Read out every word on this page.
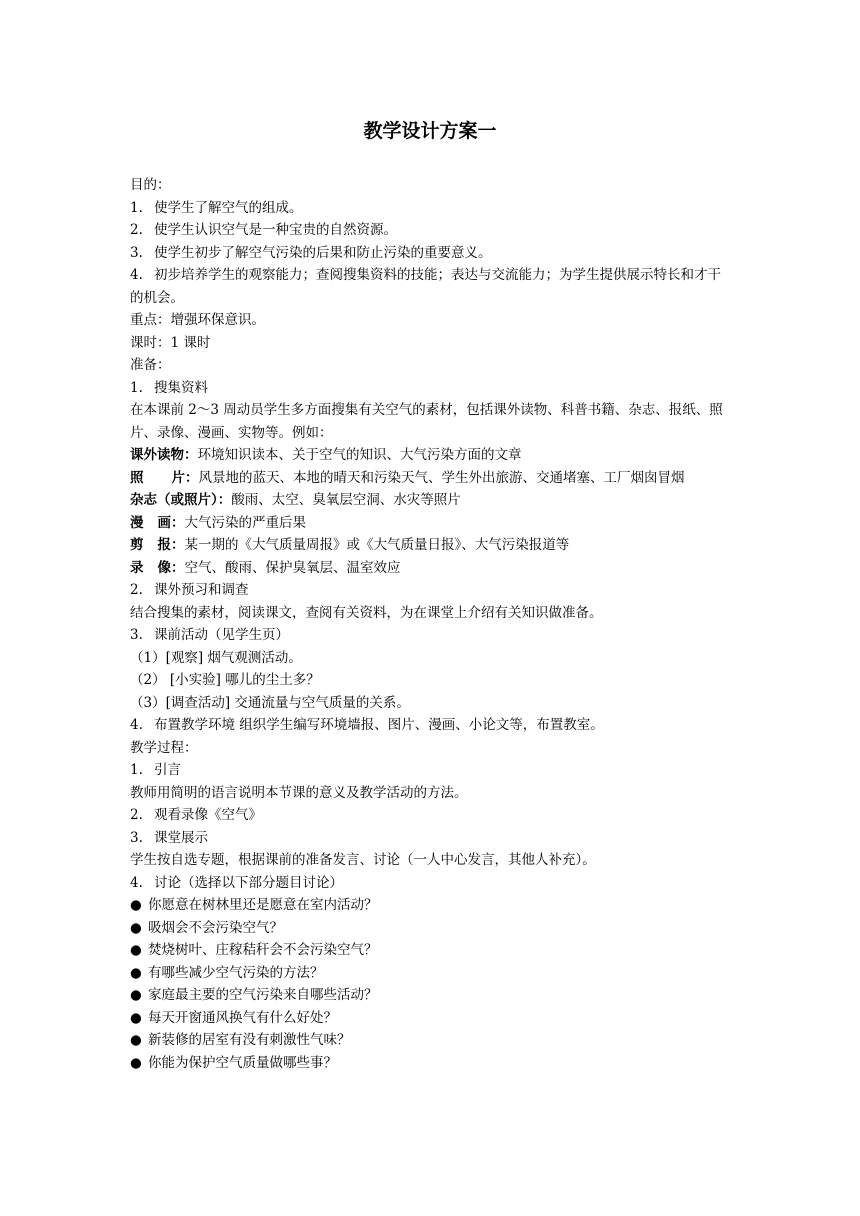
教学设计方案一

目的：

1. 使学生了解空气的组成。

2. 使学生认识空气是一种宝贵的自然资源。

3. 使学生初步了解空气污染的后果和防止污染的重要意义。

4. 初步培养学生的观察能力；查阅搜集资料的技能；表达与交流能力；为学生提供展示特长和才干的机会。

重点：增强环保意识。

课时：1 课时

准备：

1. 搜集资料

在本课前 2～3 周动员学生多方面搜集有关空气的素材，包括课外读物、科普书籍、杂志、报纸、照片、录像、漫画、实物等。例如：

课外读物：环境知识读本、关于空气的知识、大气污染方面的文章

照 片：风景地的蓝天、本地的晴天和污染天气、学生外出旅游、交通堵塞、工厂烟囱冒烟

杂志（或照片）：酸雨、太空、臭氧层空洞、水灾等照片

漫 画：大气污染的严重后果

剪 报：某一期的《大气质量周报》或《大气质量日报》、大气污染报道等

录 像：空气、酸雨、保护臭氧层、温室效应

2. 课外预习和调查

结合搜集的素材，阅读课文，查阅有关资料，为在课堂上介绍有关知识做准备。

3. 课前活动（见学生页）

（1）[观察] 烟气观测活动。

（2） [小实验] 哪儿的尘土多？

（3）[调查活动] 交通流量与空气质量的关系。

4. 布置教学环境 组织学生编写环境墙报、图片、漫画、小论文等，布置教室。

教学过程：

1. 引言

教师用简明的语言说明本节课的意义及教学活动的方法。

2. 观看录像《空气》

3. 课堂展示

学生按自选专题，根据课前的准备发言、讨论（一人中心发言，其他人补充）。

4. 讨论（选择以下部分题目讨论）

● 你愿意在树林里还是愿意在室内活动？

● 吸烟会不会污染空气？

● 焚烧树叶、庄稼秸秆会不会污染空气？

● 有哪些减少空气污染的方法？

● 家庭最主要的空气污染来自哪些活动？

● 每天开窗通风换气有什么好处？

● 新装修的居室有没有刺激性气味？

● 你能为保护空气质量做哪些事？
